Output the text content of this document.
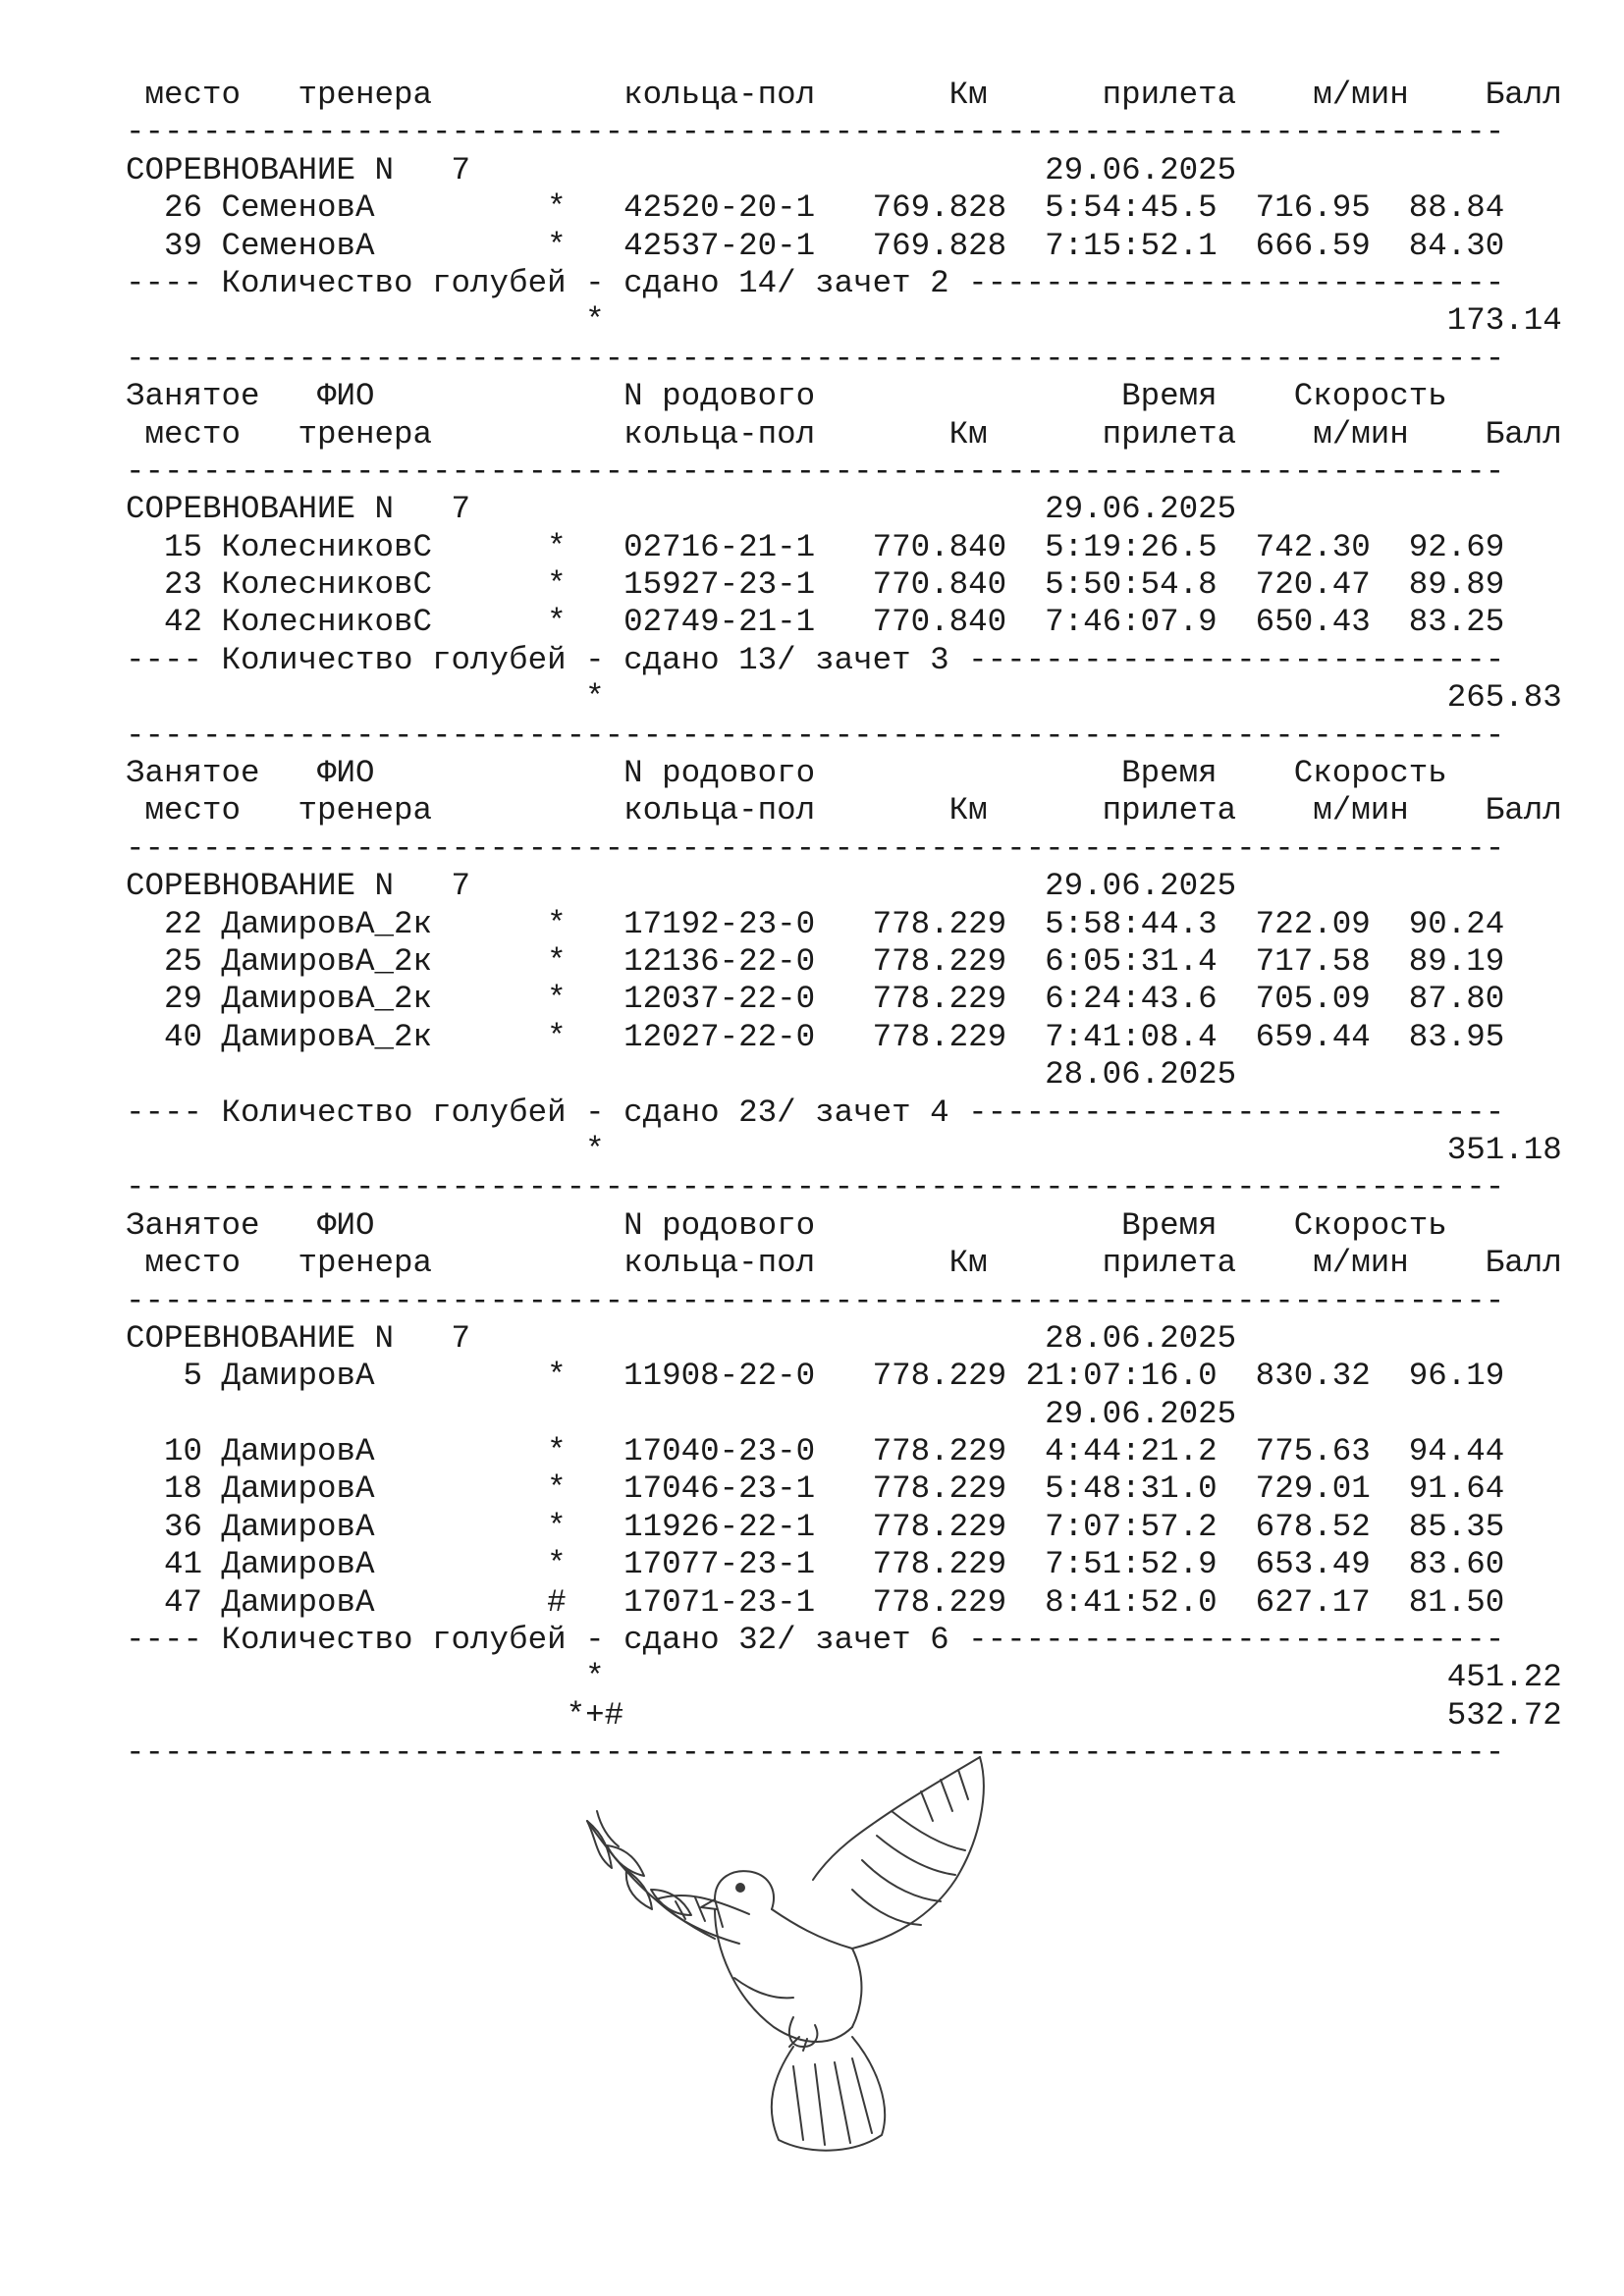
место   тренера          кольца-пол       Км      прилета    м/мин    Балл
------------------------------------------------------------------------
СОРЕВНОВАНИЕ N   7                              29.06.2025
26 СеменовА         *   42520-20-1   769.828  5:54:45.5  716.95  88.84
39 СеменовА         *   42537-20-1   769.828  7:15:52.1  666.59  84.30
---- Количество голубей - сдано 14/ зачет 2 ----------------------------
*                                            173.14
------------------------------------------------------------------------
Занятое   ФИО             N родового                Время    Скорость
место   тренера          кольца-пол       Км      прилета    м/мин    Балл
------------------------------------------------------------------------
СОРЕВНОВАНИЕ N   7                              29.06.2025
15 КолесниковС      *   02716-21-1   770.840  5:19:26.5  742.30  92.69
23 КолесниковС      *   15927-23-1   770.840  5:50:54.8  720.47  89.89
42 КолесниковС      *   02749-21-1   770.840  7:46:07.9  650.43  83.25
---- Количество голубей - сдано 13/ зачет 3 ----------------------------
*                                            265.83
------------------------------------------------------------------------
Занятое   ФИО             N родового                Время    Скорость
место   тренера          кольца-пол       Км      прилета    м/мин    Балл
------------------------------------------------------------------------
СОРЕВНОВАНИЕ N   7                              29.06.2025
22 ДамировА_2к      *   17192-23-0   778.229  5:58:44.3  722.09  90.24
25 ДамировА_2к      *   12136-22-0   778.229  6:05:31.4  717.58  89.19
29 ДамировА_2к      *   12037-22-0   778.229  6:24:43.6  705.09  87.80
40 ДамировА_2к      *   12027-22-0   778.229  7:41:08.4  659.44  83.95
28.06.2025
---- Количество голубей - сдано 23/ зачет 4 ----------------------------
*                                            351.18
------------------------------------------------------------------------
Занятое   ФИО             N родового                Время    Скорость
место   тренера          кольца-пол       Км      прилета    м/мин    Балл
------------------------------------------------------------------------
СОРЕВНОВАНИЕ N   7                              28.06.2025
5 ДамировА         *   11908-22-0   778.229 21:07:16.0  830.32  96.19
29.06.2025
10 ДамировА         *   17040-23-0   778.229  4:44:21.2  775.63  94.44
18 ДамировА         *   17046-23-1   778.229  5:48:31.0  729.01  91.64
36 ДамировА         *   11926-22-1   778.229  7:07:57.2  678.52  85.35
41 ДамировА         *   17077-23-1   778.229  7:51:52.9  653.49  83.60
47 ДамировА         #   17071-23-1   778.229  8:41:52.0  627.17  81.50
---- Количество голубей - сдано 32/ зачет 6 ----------------------------
*                                            451.22
*+#                                           532.72
------------------------------------------------------------------------
